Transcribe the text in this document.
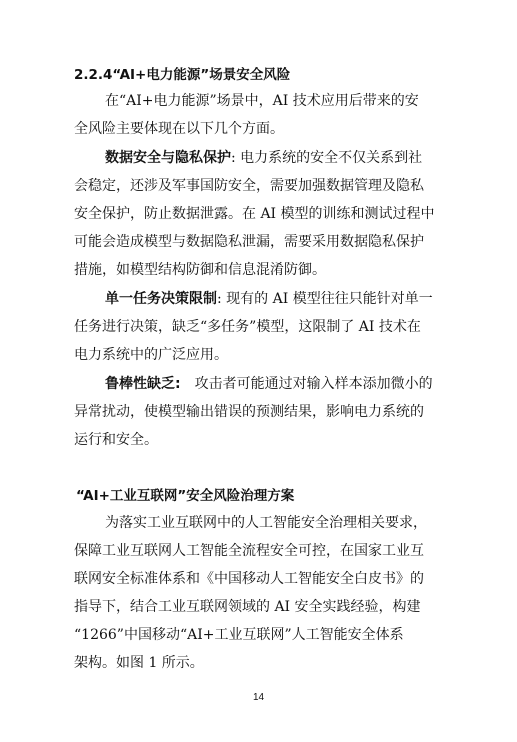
2.2.4“AI+电力能源”场景安全风险
在“AI+电力能源”场景中，AI 技术应用后带来的安
全风险主要体现在以下几个方面。
数据安全与隐私保护: 电力系统的安全不仅关系到社
会稳定，还涉及军事国防安全，需要加强数据管理及隐私
安全保护，防止数据泄露。在 AI 模型的训练和测试过程中
可能会造成模型与数据隐私泄漏，需要采用数据隐私保护
措施，如模型结构防御和信息混淆防御。
单一任务决策限制: 现有的 AI 模型往往只能针对单一
任务进行决策，缺乏“多任务”模型，这限制了 AI 技术在
电力系统中的广泛应用。
鲁棒性缺乏: 攻击者可能通过对输入样本添加微小的
异常扰动，使模型输出错误的预测结果，影响电力系统的
运行和安全。
“AI+工业互联网”安全风险治理方案
为落实工业互联网中的人工智能安全治理相关要求，
保障工业互联网人工智能全流程安全可控，在国家工业互
联网安全标准体系和《中国移动人工智能安全白皮书》的
指导下，结合工业互联网领域的 AI 安全实践经验，构建
“1266”中国移动“AI+工业互联网”人工智能安全体系
架构。如图 1 所示。
14
